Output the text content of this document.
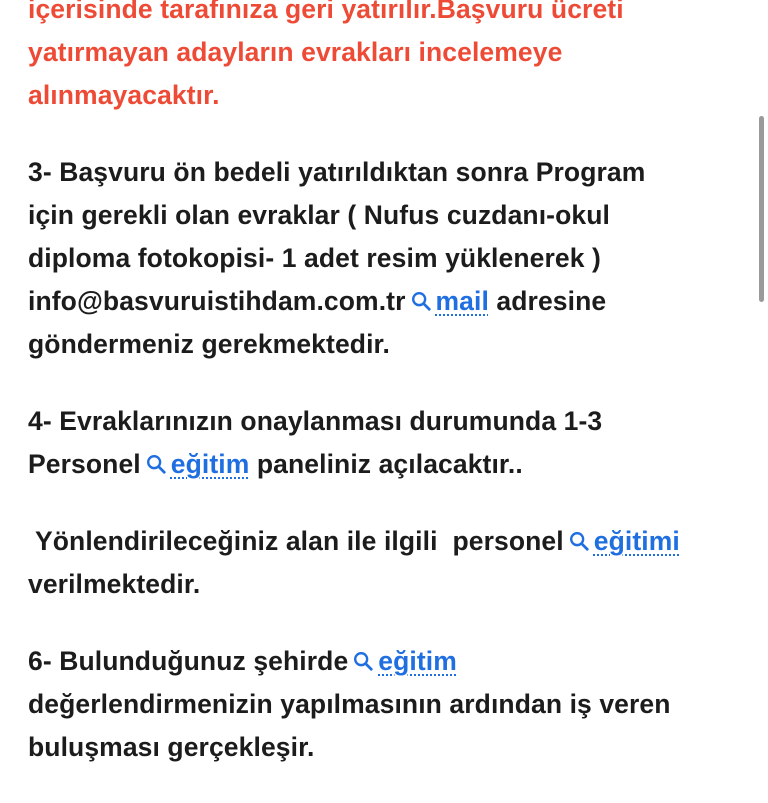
içerisinde tarafınıza geri yatırılır.Başvuru ücreti
yatırmayan adayların evrakları incelemeye
alınmayacaktır.

3- Başvuru ön bedeli yatırıldıktan sonra Program
için gerekli olan evraklar ( Nufus cuzdanı-okul
diploma fotokopisi- 1 adet resim yüklenerek )
info@basvuruistihdam.com.tr mail adresine
göndermeniz gerekmektedir.

4- Evraklarınızın onaylanması durumunda 1-3
Personel eğitim paneliniz açılacaktır..

Yönlendirileceğiniz alan ile ilgili  personel eğitimi
verilmektedir.

6- Bulunduğunuz şehirde eğitim
değerlendirmenizin yapılmasının ardından iş veren
buluşması gerçekleşir.
